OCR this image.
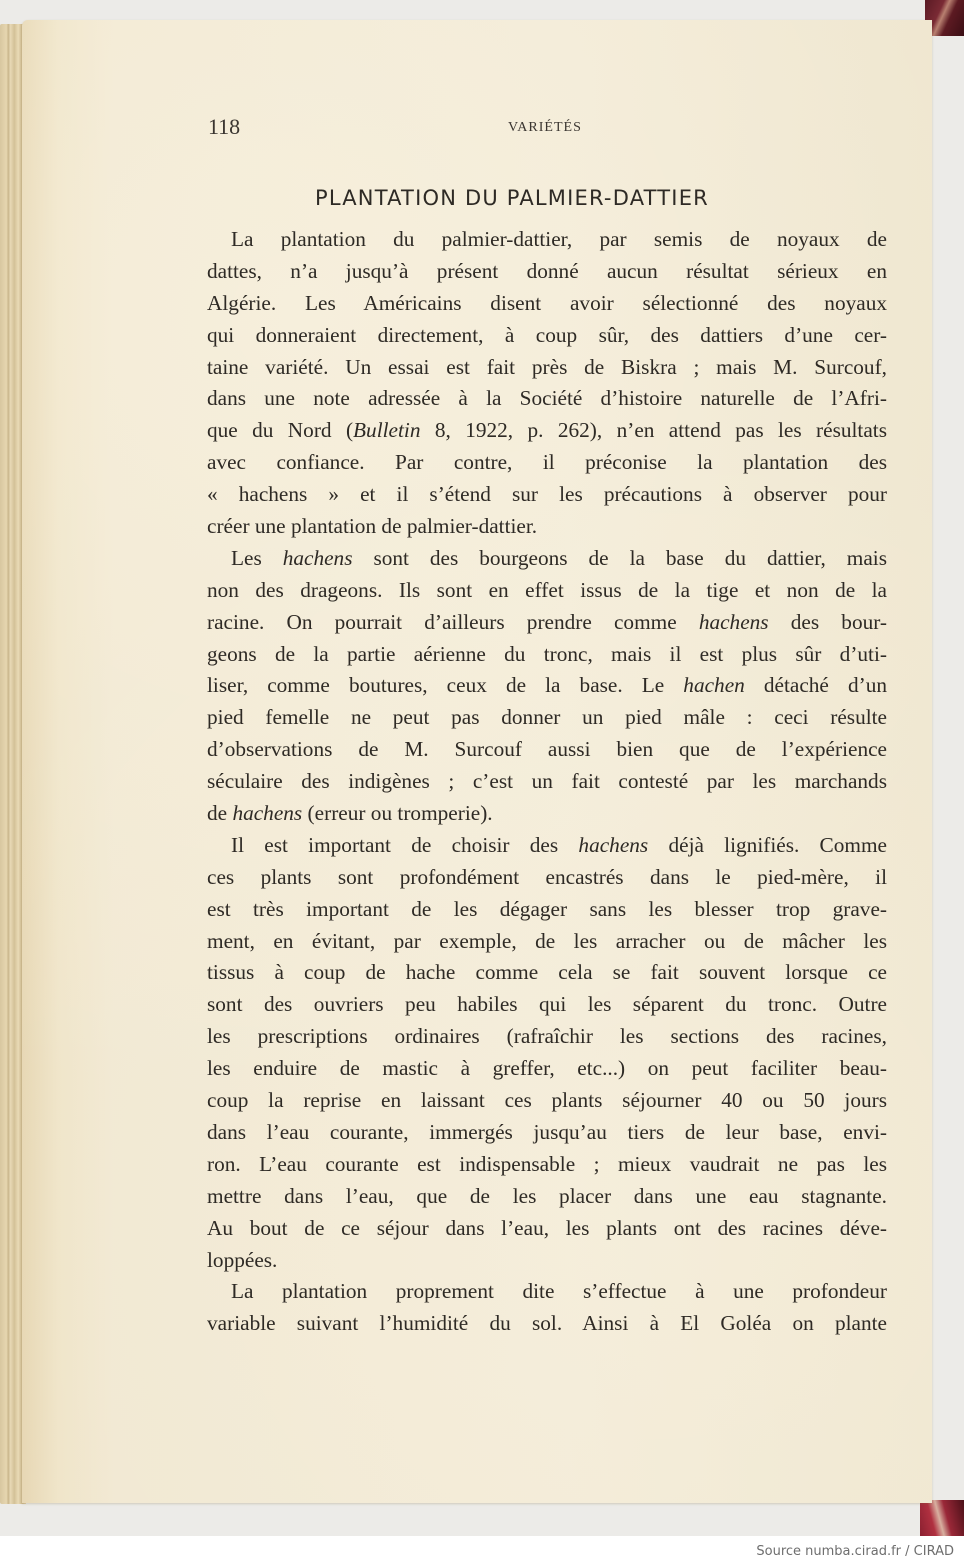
118	VARIÉTÉS
PLANTATION DU PALMIER-DATTIER
La plantation du palmier-dattier, par semis de noyaux de
dattes, n’a jusqu’à présent donné aucun résultat sérieux en
Algérie. Les Américains disent avoir sélectionné des noyaux
qui donneraient directement, à coup sûr, des dattiers d’une cer-
taine variété. Un essai est fait près de Biskra ; mais M. Surcouf,
dans une note adressée à la Société d’histoire naturelle de l’Afri-
que du Nord (Bulletin 8, 1922, p. 262), n’en attend pas les résultats
avec confiance. Par contre, il préconise la plantation des
« hachens » et il s’étend sur les précautions à observer pour
créer une plantation de palmier-dattier.
Les hachens sont des bourgeons de la base du dattier, mais
non des drageons. Ils sont en effet issus de la tige et non de la
racine. On pourrait d’ailleurs prendre comme hachens des bour-
geons de la partie aérienne du tronc, mais il est plus sûr d’uti-
liser, comme boutures, ceux de la base. Le hachen détaché d’un
pied femelle ne peut pas donner un pied mâle : ceci résulte
d’observations de M. Surcouf aussi bien que de l’expérience
séculaire des indigènes ; c’est un fait contesté par les marchands
de hachens (erreur ou tromperie).
Il est important de choisir des hachens déjà lignifiés. Comme
ces plants sont profondément encastrés dans le pied-mère, il
est très important de les dégager sans les blesser trop grave-
ment, en évitant, par exemple, de les arracher ou de mâcher les
tissus à coup de hache comme cela se fait souvent lorsque ce
sont des ouvriers peu habiles qui les séparent du tronc. Outre
les prescriptions ordinaires (rafraîchir les sections des racines,
les enduire de mastic à greffer, etc...) on peut faciliter beau-
coup la reprise en laissant ces plants séjourner 40 ou 50 jours
dans l’eau courante, immergés jusqu’au tiers de leur base, envi-
ron. L’eau courante est indispensable ; mieux vaudrait ne pas les
mettre dans l’eau, que de les placer dans une eau stagnante.
Au bout de ce séjour dans l’eau, les plants ont des racines déve-
loppées.
La plantation proprement dite s’effectue à une profondeur
variable suivant l’humidité du sol. Ainsi à El Goléa on plante
Source numba.cirad.fr / CIRAD
